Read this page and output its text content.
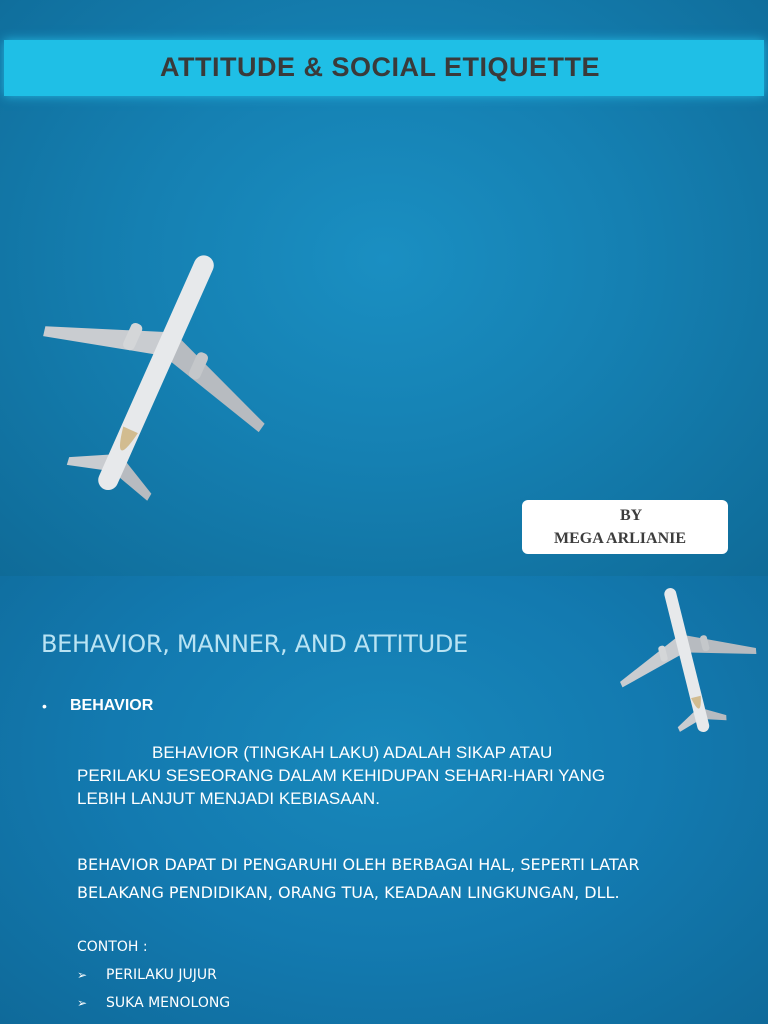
ATTITUDE & SOCIAL ETIQUETTE
BY
MEGA ARLIANIE
BEHAVIOR, MANNER, AND ATTITUDE
• BEHAVIOR
BEHAVIOR (TINGKAH LAKU) ADALAH SIKAP ATAU PERILAKU SESEORANG DALAM KEHIDUPAN SEHARI-HARI YANG LEBIH LANJUT MENJADI KEBIASAAN.
BEHAVIOR DAPAT DI PENGARUHI OLEH BERBAGAI HAL, SEPERTI LATAR BELAKANG PENDIDIKAN, ORANG TUA, KEADAAN LINGKUNGAN, DLL.
CONTOH :
➢ PERILAKU JUJUR
➢ SUKA MENOLONG
